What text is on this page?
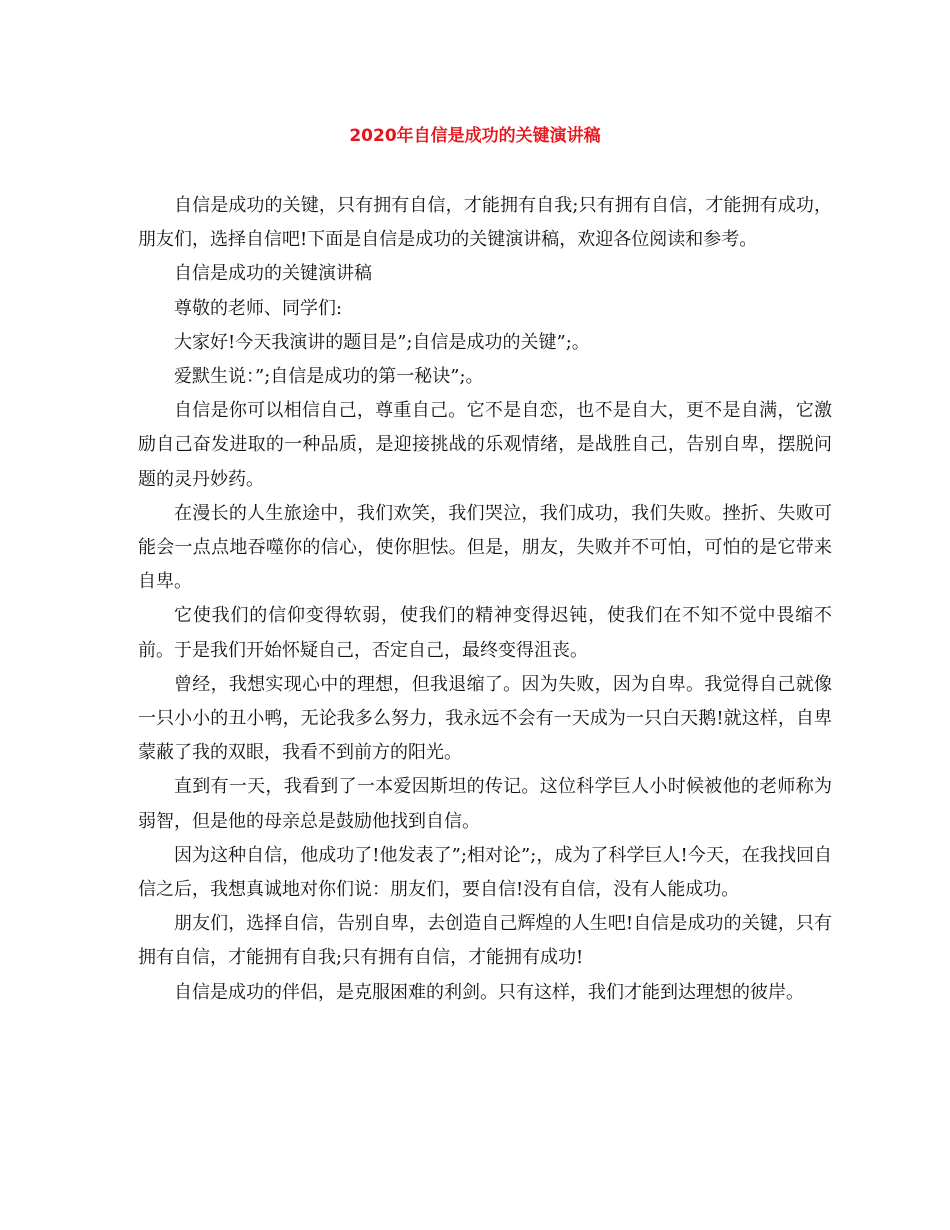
2020年自信是成功的关键演讲稿

自信是成功的关键，只有拥有自信，才能拥有自我;只有拥有自信，才能拥有成功，朋友们，选择自信吧!下面是自信是成功的关键演讲稿，欢迎各位阅读和参考。

自信是成功的关键演讲稿

尊敬的老师、同学们:

大家好!今天我演讲的题目是”;自信是成功的关键”;。

爱默生说：”;自信是成功的第一秘诀”;。

自信是你可以相信自己，尊重自己。它不是自恋，也不是自大，更不是自满，它激励自己奋发进取的一种品质，是迎接挑战的乐观情绪，是战胜自己，告别自卑，摆脱问题的灵丹妙药。

在漫长的人生旅途中，我们欢笑，我们哭泣，我们成功，我们失败。挫折、失败可能会一点点地吞噬你的信心，使你胆怯。但是，朋友，失败并不可怕，可怕的是它带来自卑。

它使我们的信仰变得软弱，使我们的精神变得迟钝，使我们在不知不觉中畏缩不前。于是我们开始怀疑自己，否定自己，最终变得沮丧。

曾经，我想实现心中的理想，但我退缩了。因为失败，因为自卑。我觉得自己就像一只小小的丑小鸭，无论我多么努力，我永远不会有一天成为一只白天鹅!就这样，自卑蒙蔽了我的双眼，我看不到前方的阳光。

直到有一天，我看到了一本爱因斯坦的传记。这位科学巨人小时候被他的老师称为弱智，但是他的母亲总是鼓励他找到自信。

因为这种自信，他成功了!他发表了”;相对论”;，成为了科学巨人!今天，在我找回自信之后，我想真诚地对你们说：朋友们，要自信!没有自信，没有人能成功。

朋友们，选择自信，告别自卑，去创造自己辉煌的人生吧!自信是成功的关键，只有拥有自信，才能拥有自我;只有拥有自信，才能拥有成功!

自信是成功的伴侣，是克服困难的利剑。只有这样，我们才能到达理想的彼岸。
